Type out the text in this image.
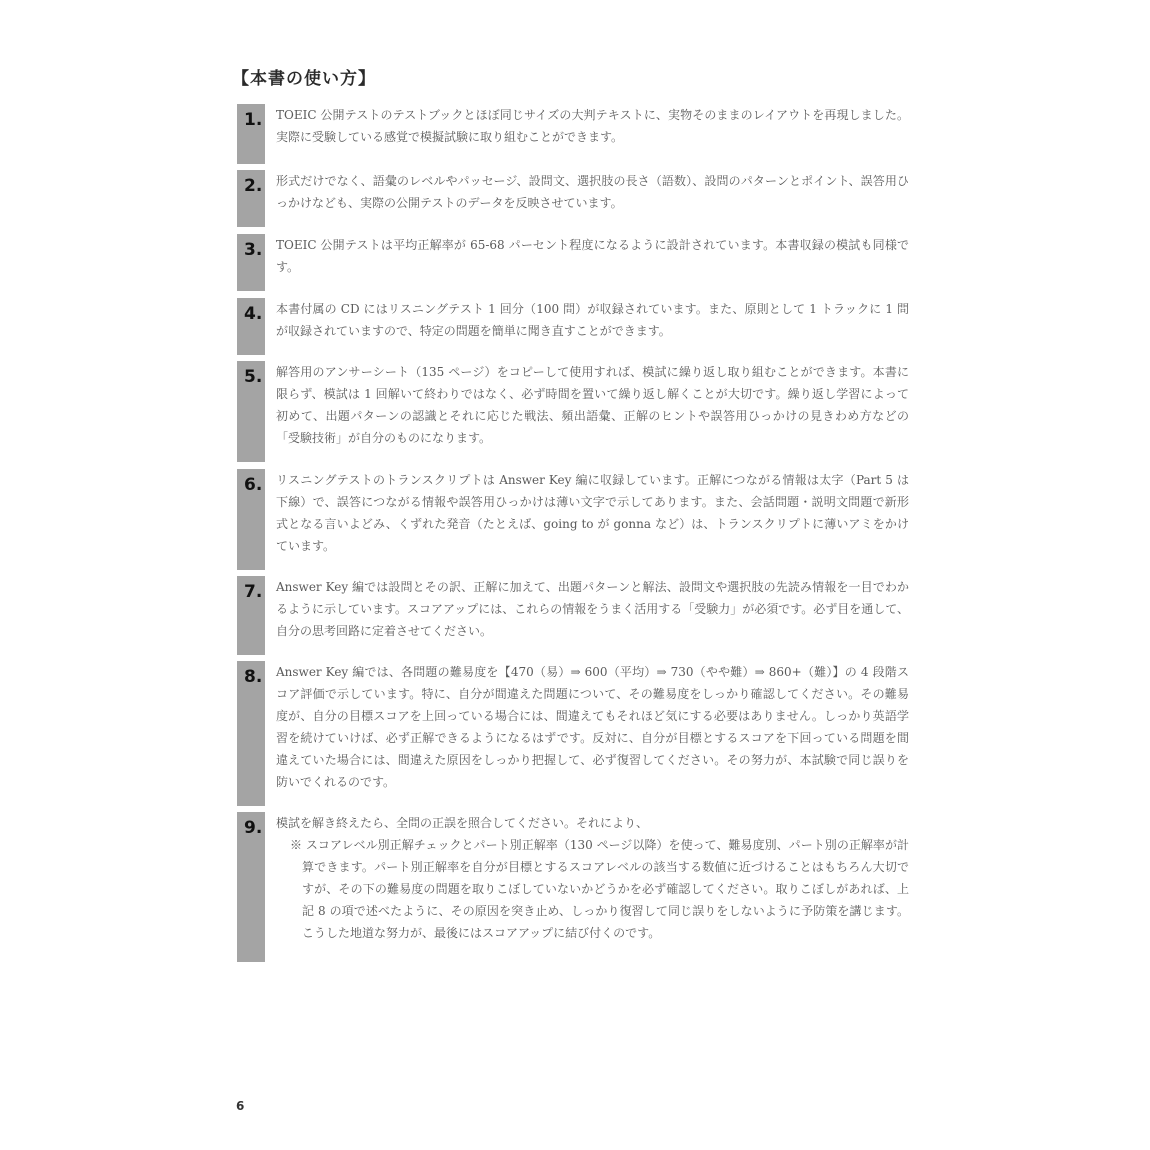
【本書の使い方】
1. TOEIC 公開テストのテストブックとほぼ同じサイズの大判テキストに、実物そのままのレイアウトを再現しました。実際に受験している感覚で模擬試験に取り組むことができます。
2. 形式だけでなく、語彙のレベルやパッセージ、設問文、選択肢の長さ（語数）、設問のパターンとポイント、誤答用ひっかけなども、実際の公開テストのデータを反映させています。
3. TOEIC 公開テストは平均正解率が 65-68 パーセント程度になるように設計されています。本書収録の模試も同様です。
4. 本書付属の CD にはリスニングテスト 1 回分（100 問）が収録されています。また、原則として 1 トラックに 1 問が収録されていますので、特定の問題を簡単に聞き直すことができます。
5. 解答用のアンサーシート（135 ページ）をコピーして使用すれば、模試に繰り返し取り組むことができます。本書に限らず、模試は 1 回解いて終わりではなく、必ず時間を置いて繰り返し解くことが大切です。繰り返し学習によって初めて、出題パターンの認識とそれに応じた戦法、頻出語彙、正解のヒントや誤答用ひっかけの見きわめ方などの「受験技術」が自分のものになります。
6. リスニングテストのトランスクリプトは Answer Key 編に収録しています。正解につながる情報は太字（Part 5 は下線）で、誤答につながる情報や誤答用ひっかけは薄い文字で示してあります。また、会話問題・説明文問題で新形式となる言いよどみ、くずれた発音（たとえば、going to が gonna など）は、トランスクリプトに薄いアミをかけています。
7. Answer Key 編では設問とその訳、正解に加えて、出題パターンと解法、設問文や選択肢の先読み情報を一目でわかるように示しています。スコアアップには、これらの情報をうまく活用する「受験力」が必須です。必ず目を通して、自分の思考回路に定着させてください。
8. Answer Key 編では、各問題の難易度を【470（易）⇒ 600（平均）⇒ 730（やや難）⇒ 860+（難）】の 4 段階スコア評価で示しています。特に、自分が間違えた問題について、その難易度をしっかり確認してください。その難易度が、自分の目標スコアを上回っている場合には、間違えてもそれほど気にする必要はありません。しっかり英語学習を続けていけば、必ず正解できるようになるはずです。反対に、自分が目標とするスコアを下回っている問題を間違えていた場合には、間違えた原因をしっかり把握して、必ず復習してください。その努力が、本試験で同じ誤りを防いでくれるのです。
9. 模試を解き終えたら、全問の正誤を照合してください。それにより、
※ スコアレベル別正解チェックとパート別正解率（130 ページ以降）を使って、難易度別、パート別の正解率が計算できます。パート別正解率を自分が目標とするスコアレベルの該当する数値に近づけることはもちろん大切ですが、その下の難易度の問題を取りこぼしていないかどうかを必ず確認してください。取りこぼしがあれば、上記 8 の項で述べたように、その原因を突き止め、しっかり復習して同じ誤りをしないように予防策を講じます。こうした地道な努力が、最後にはスコアアップに結び付くのです。
6
